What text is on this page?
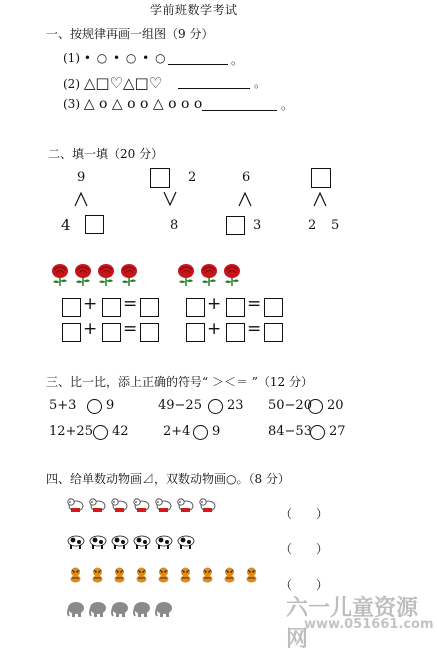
学前班数学考试
一、按规律再画一组图（9 分）
(1) • ○ • ○ • ○	。
(2) △□♡△□♡	。
(3) △ o △ o o △ o o o	。
二、填一填（20 分）
9
4
2
8
6
3	2 5
+ =	+ =
+ =	+ =
三、比一比，添上正确的符号“ ＞＜＝ ”（12 分）
5+3 9	49−25 23 50−20 20
12+25 42	2+4 9	84−53 27
四、给单数动物画⊿，双数动物画○。（8 分）
（　　）
（　　）
（　　）
六一儿童资源网
www.051661.com
